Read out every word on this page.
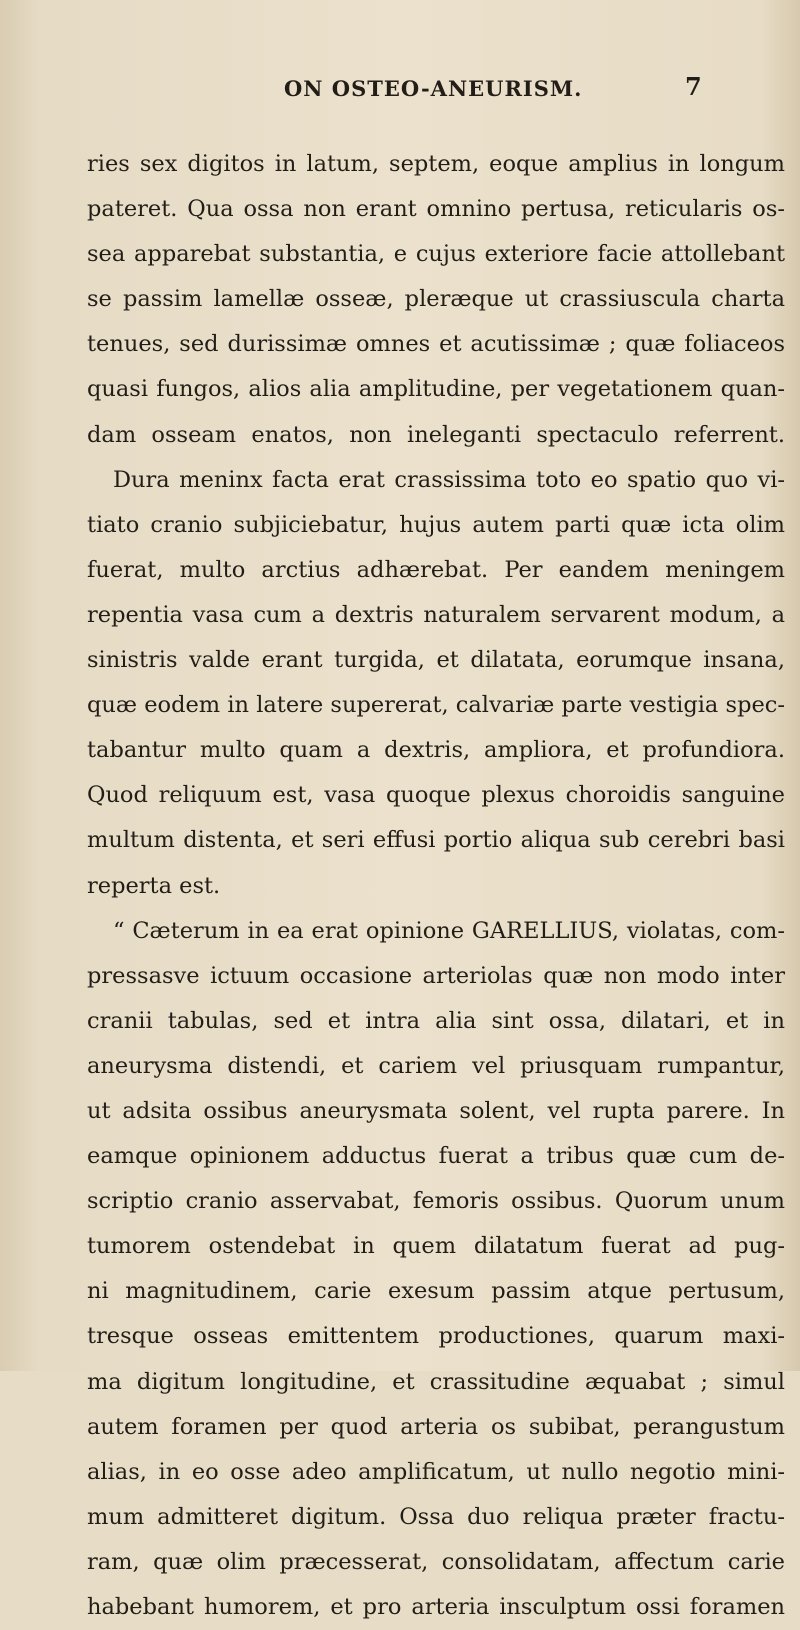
ON OSTEO-ANEURISM.	7
ries sex digitos in latum, septem, eoque amplius in longum
pateret. Qua ossa non erant omnino pertusa, reticularis os-
sea apparebat substantia, e cujus exteriore facie attollebant
se passim lamellæ osseæ, pleræque ut crassiuscula charta
tenues, sed durissimæ omnes et acutissimæ ; quæ foliaceos
quasi fungos, alios alia amplitudine, per vegetationem quan-
dam osseam enatos, non ineleganti spectaculo referrent.
Dura meninx facta erat crassissima toto eo spatio quo vi-
tiato cranio subjiciebatur, hujus autem parti quæ icta olim
fuerat, multo arctius adhærebat. Per eandem meningem
repentia vasa cum a dextris naturalem servarent modum, a
sinistris valde erant turgida, et dilatata, eorumque insana,
quæ eodem in latere supererat, calvariæ parte vestigia spec-
tabantur multo quam a dextris, ampliora, et profundiora.
Quod reliquum est, vasa quoque plexus choroidis sanguine
multum distenta, et seri effusi portio aliqua sub cerebri basi
reperta est.
“ Cæterum in ea erat opinione GARELLIUS, violatas, com-
pressasve ictuum occasione arteriolas quæ non modo inter
cranii tabulas, sed et intra alia sint ossa, dilatari, et in
aneurysma distendi, et cariem vel priusquam rumpantur,
ut adsita ossibus aneurysmata solent, vel rupta parere. In
eamque opinionem adductus fuerat a tribus quæ cum de-
scriptio cranio asservabat, femoris ossibus. Quorum unum
tumorem ostendebat in quem dilatatum fuerat ad pug-
ni magnitudinem, carie exesum passim atque pertusum,
tresque osseas emittentem productiones, quarum maxi-
ma digitum longitudine, et crassitudine æquabat ; simul
autem foramen per quod arteria os subibat, perangustum
alias, in eo osse adeo amplificatum, ut nullo negotio mini-
mum admitteret digitum. Ossa duo reliqua præter fractu-
ram, quæ olim præcesserat, consolidatam, affectum carie
habebant humorem, et pro arteria insculptum ossi foramen
